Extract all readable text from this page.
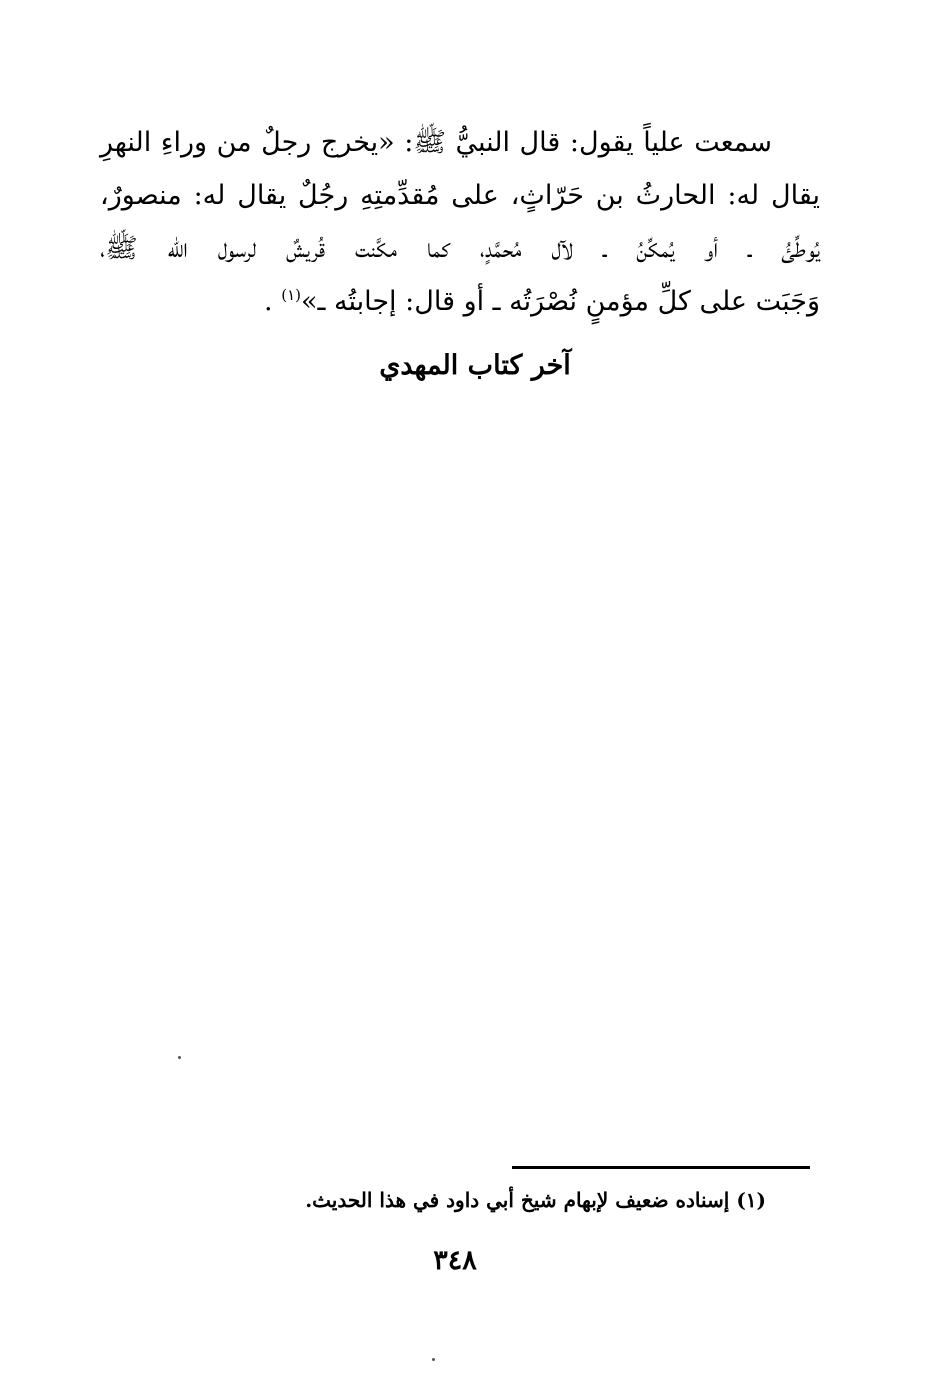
سمعت علياً يقول: قال النبيُّ ﷺ: «يخرج رجلٌ من وراءِ النهرِ
يقال له: الحارثُ بن حَرّاثٍ، على مُقدِّمتِهِ رجُلٌ يقال له: منصورٌ،
يُوطِّئُ ـ أو يُمكِّنُ ـ لآل مُحمَّدٍ، كما مكَّنت قُريشٌ لرسول الله ﷺ،
وَجَبَت على كلِّ مؤمنٍ نُصْرَتُه ـ أو قال: إجابتُه ـ»$^{(١)}$ .
آخر كتاب المهدي
(١) إسناده ضعيف لإبهام شيخ أبي داود في هذا الحديث.
٣٤٨
